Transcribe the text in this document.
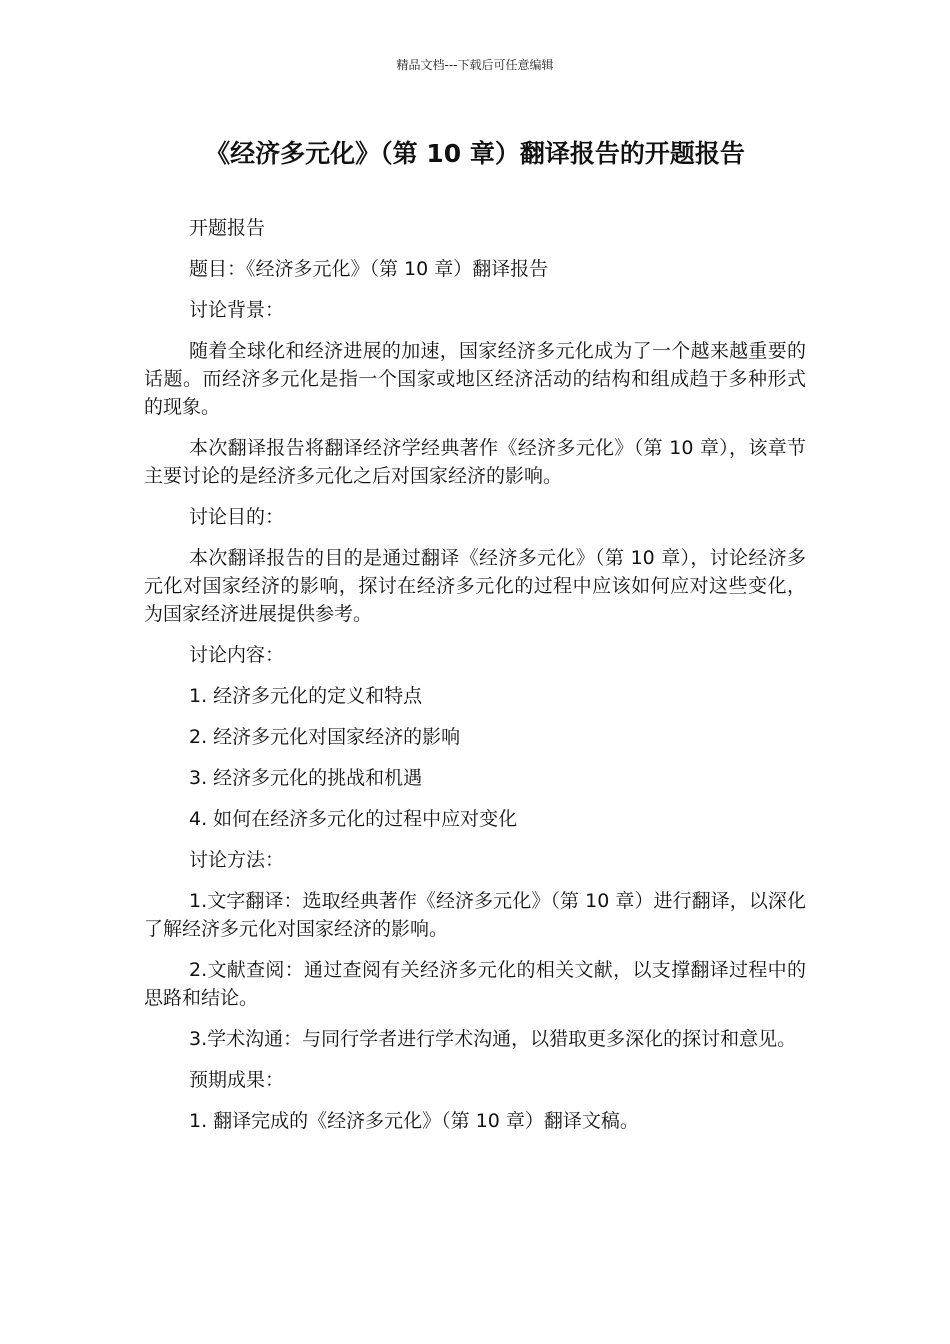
精品文档---下载后可任意编辑
《经济多元化》（第 10 章）翻译报告的开题报告

开题报告

题目：《经济多元化》（第 10 章）翻译报告

讨论背景：

随着全球化和经济进展的加速，国家经济多元化成为了一个越来越重要的话题。而经济多元化是指一个国家或地区经济活动的结构和组成趋于多种形式的现象。

本次翻译报告将翻译经济学经典著作《经济多元化》（第 10 章），该章节主要讨论的是经济多元化之后对国家经济的影响。

讨论目的：

本次翻译报告的目的是通过翻译《经济多元化》（第 10 章），讨论经济多元化对国家经济的影响，探讨在经济多元化的过程中应该如何应对这些变化，为国家经济进展提供参考。

讨论内容：

1. 经济多元化的定义和特点

2. 经济多元化对国家经济的影响

3. 经济多元化的挑战和机遇

4. 如何在经济多元化的过程中应对变化

讨论方法：

1.文字翻译：选取经典著作《经济多元化》（第 10 章）进行翻译，以深化了解经济多元化对国家经济的影响。

2.文献查阅：通过查阅有关经济多元化的相关文献，以支撑翻译过程中的思路和结论。

3.学术沟通：与同行学者进行学术沟通，以猎取更多深化的探讨和意见。

预期成果：

1. 翻译完成的《经济多元化》（第 10 章）翻译文稿。
